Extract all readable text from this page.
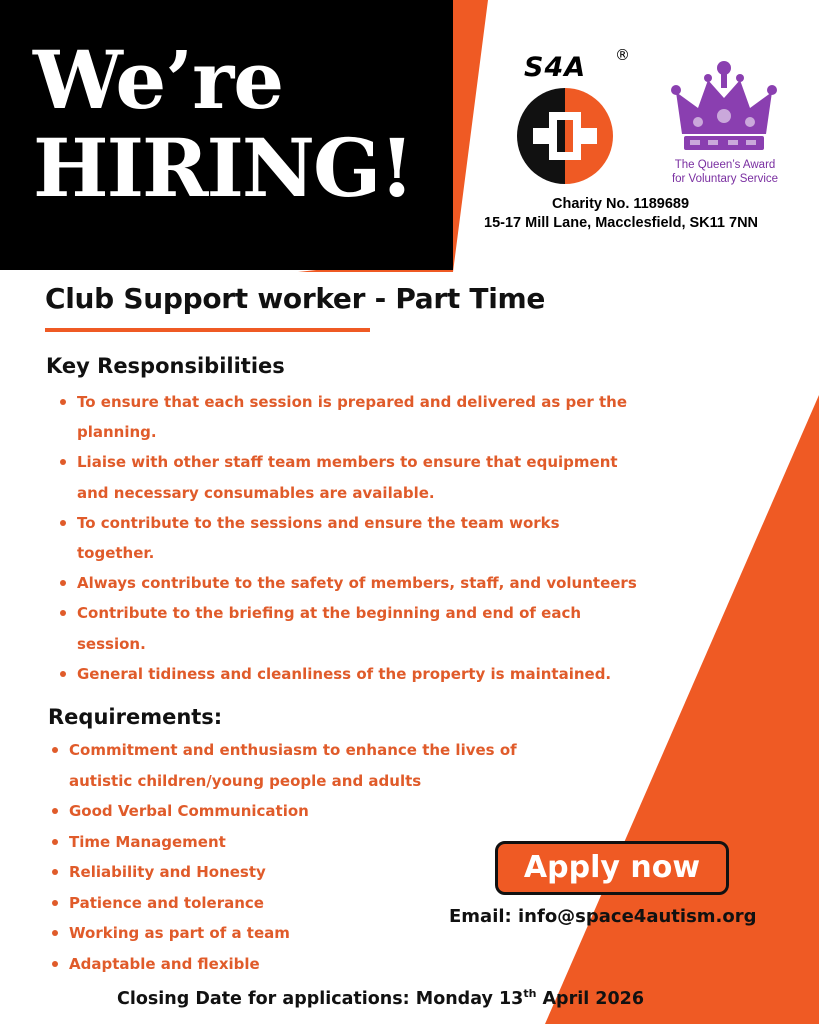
We’re
HIRING!
S4A ®
The Queen’s Award
for Voluntary Service
Charity No. 1189689
15-17 Mill Lane, Macclesfield, SK11 7NN
Club Support worker - Part Time
Key Responsibilities
To ensure that each session is prepared and delivered as per the
planning.
Liaise with other staff team members to ensure that equipment
and necessary consumables are available.
To contribute to the sessions and ensure the team works
together.
Always contribute to the safety of members, staff, and volunteers
Contribute to the briefing at the beginning and end of each
session.
General tidiness and cleanliness of the property is maintained.
Requirements:
Commitment and enthusiasm to enhance the lives of
autistic children/young people and adults
Good Verbal Communication
Time Management
Reliability and Honesty
Patience and tolerance
Working as part of a team
Adaptable and flexible
Apply now
Email: info@space4autism.org
Closing Date for applications: Monday 13th April 2026
